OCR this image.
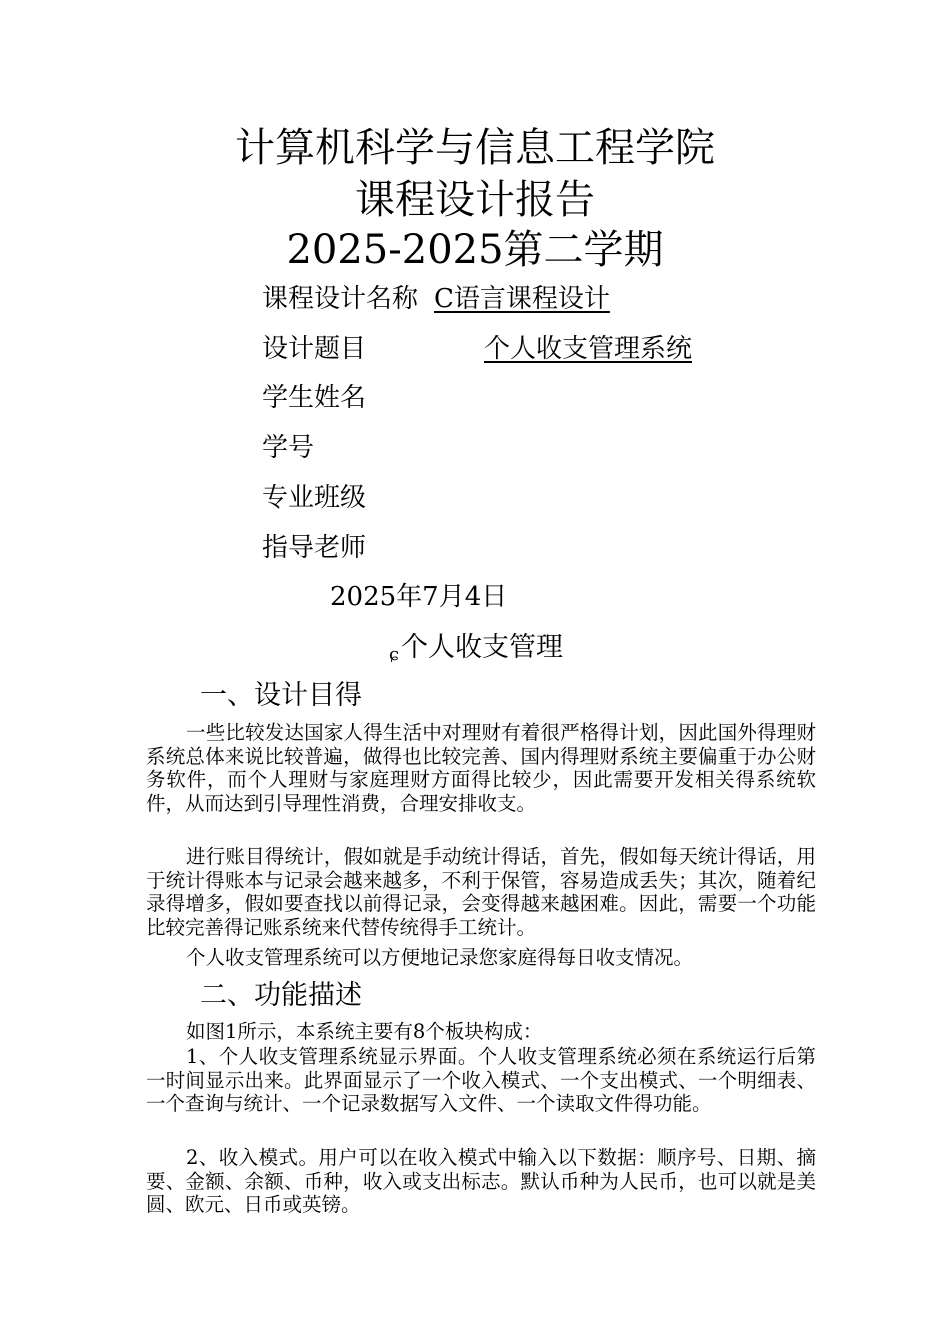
计算机科学与信息工程学院
课程设计报告
2025-2025第二学期
课程设计名称 C语言课程设计
设计题目	个人收支管理系统
学生姓名
学号
专业班级
指导老师
2025年7月4日
ɕ个人收支管理
一、设计目得

一些比较发达国家人得生活中对理财有着很严格得计划，因此国外得理财系统总体来说比较普遍，做得也比较完善、国内得理财系统主要偏重于办公财务软件，而个人理财与家庭理财方面得比较少，因此需要开发相关得系统软件，从而达到引导理性消费，合理安排收支。

进行账目得统计，假如就是手动统计得话，首先，假如每天统计得话，用于统计得账本与记录会越来越多，不利于保管，容易造成丢失；其次，随着纪录得增多，假如要查找以前得记录，会变得越来越困难。因此，需要一个功能比较完善得记账系统来代替传统得手工统计。

个人收支管理系统可以方便地记录您家庭得每日收支情况。

二、功能描述

如图1所示，本系统主要有8个板块构成：

1、个人收支管理系统显示界面。个人收支管理系统必须在系统运行后第一时间显示出来。此界面显示了一个收入模式、一个支出模式、一个明细表、一个查询与统计、一个记录数据写入文件、一个读取文件得功能。

2、收入模式。用户可以在收入模式中输入以下数据：顺序号、日期、摘要、金额、余额、币种，收入或支出标志。默认币种为人民币，也可以就是美圆、欧元、日币或英镑。
